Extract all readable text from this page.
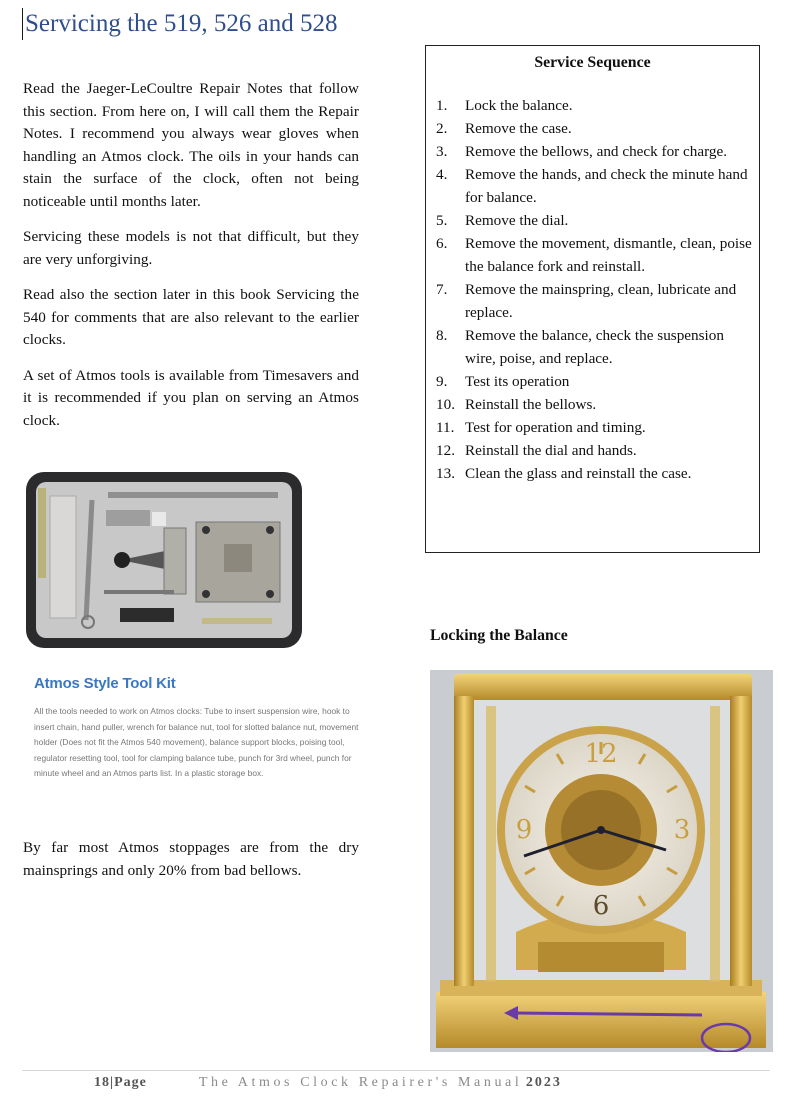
Servicing the 519, 526 and 528

Read the Jaeger-LeCoultre Repair Notes that follow this section. From here on, I will call them the Repair Notes. I recommend you always wear gloves when handling an Atmos clock. The oils in your hands can stain the surface of the clock, often not being noticeable until months later.

Servicing these models is not that difficult, but they are very unforgiving.

Read also the section later in this book Servicing the 540 for comments that are also relevant to the earlier clocks.

A set of Atmos tools is available from Timesavers and it is recommended if you plan on serving an Atmos clock.

Atmos Style Tool Kit
All the tools needed to work on Atmos clocks: Tube to insert suspension wire, hook to insert chain, hand puller, wrench for balance nut, tool for slotted balance nut, movement holder (Does not fit the Atmos 540 movement), balance support blocks, poising tool, regulator resetting tool, tool for clamping balance tube, punch for 3rd wheel, punch for minute wheel and an Atmos parts list. In a plastic storage box.

By far most Atmos stoppages are from the dry mainsprings and only 20% from bad bellows.

Service Sequence
1.	Lock the balance.
2.	Remove the case.
3.	Remove the bellows, and check for charge.
4.	Remove the hands, and check the minute hand for balance.
5.	Remove the dial.
6.	Remove the movement, dismantle, clean, poise the balance fork and reinstall.
7.	Remove the mainspring, clean, lubricate and replace.
8.	Remove the balance, check the suspension wire, poise, and replace.
9.	Test its operation
10. Reinstall the bellows.
11. Test for operation and timing.
12. Reinstall the dial and hands.
13. Clean the glass and reinstall the case.
Locking the Balance
12
3
6
9
18|Page	The Atmos Clock Repairer's Manual 2023
